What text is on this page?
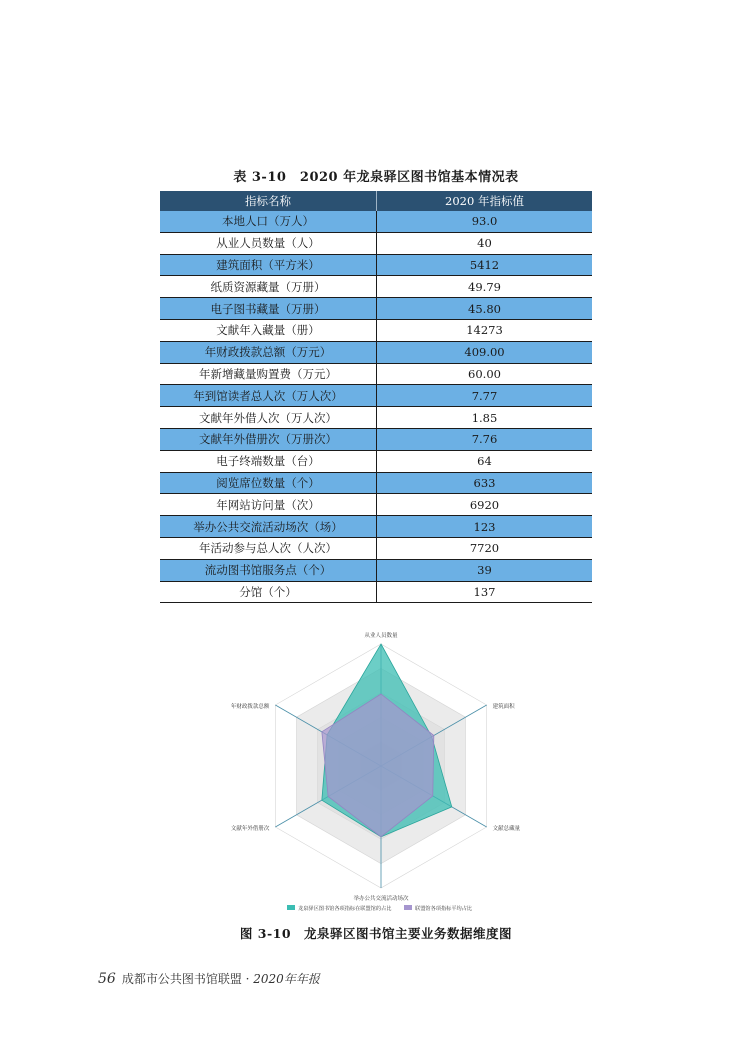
表 3-10　2020 年龙泉驿区图书馆基本情况表
指标名称	2020 年指标值
本地人口（万人）	93.0
从业人员数量（人）	40
建筑面积（平方米）	5412
纸质资源藏量（万册）	49.79
电子图书藏量（万册）	45.80
文献年入藏量（册）	14273
年财政拨款总额（万元）	409.00
年新增藏量购置费（万元）	60.00
年到馆读者总人次（万人次）	7.77
文献年外借人次（万人次）	1.85
文献年外借册次（万册次）	7.76
电子终端数量（台）	64
阅览席位数量（个）	633
年网站访问量（次）	6920
举办公共交流活动场次（场）	123
年活动参与总人次（人次）	7720
流动图书馆服务点（个）	39
分馆（个）	137
从业人员数量
建筑面积
文献总藏量
举办公共交流活动场次
文献年外借册次
年财政拨款总额
龙泉驿区图书馆各项指标在联盟馆的占比	联盟馆各项指标平均占比
图 3-10　龙泉驿区图书馆主要业务数据维度图
56 成都市公共图书馆联盟 · 2020年年报
